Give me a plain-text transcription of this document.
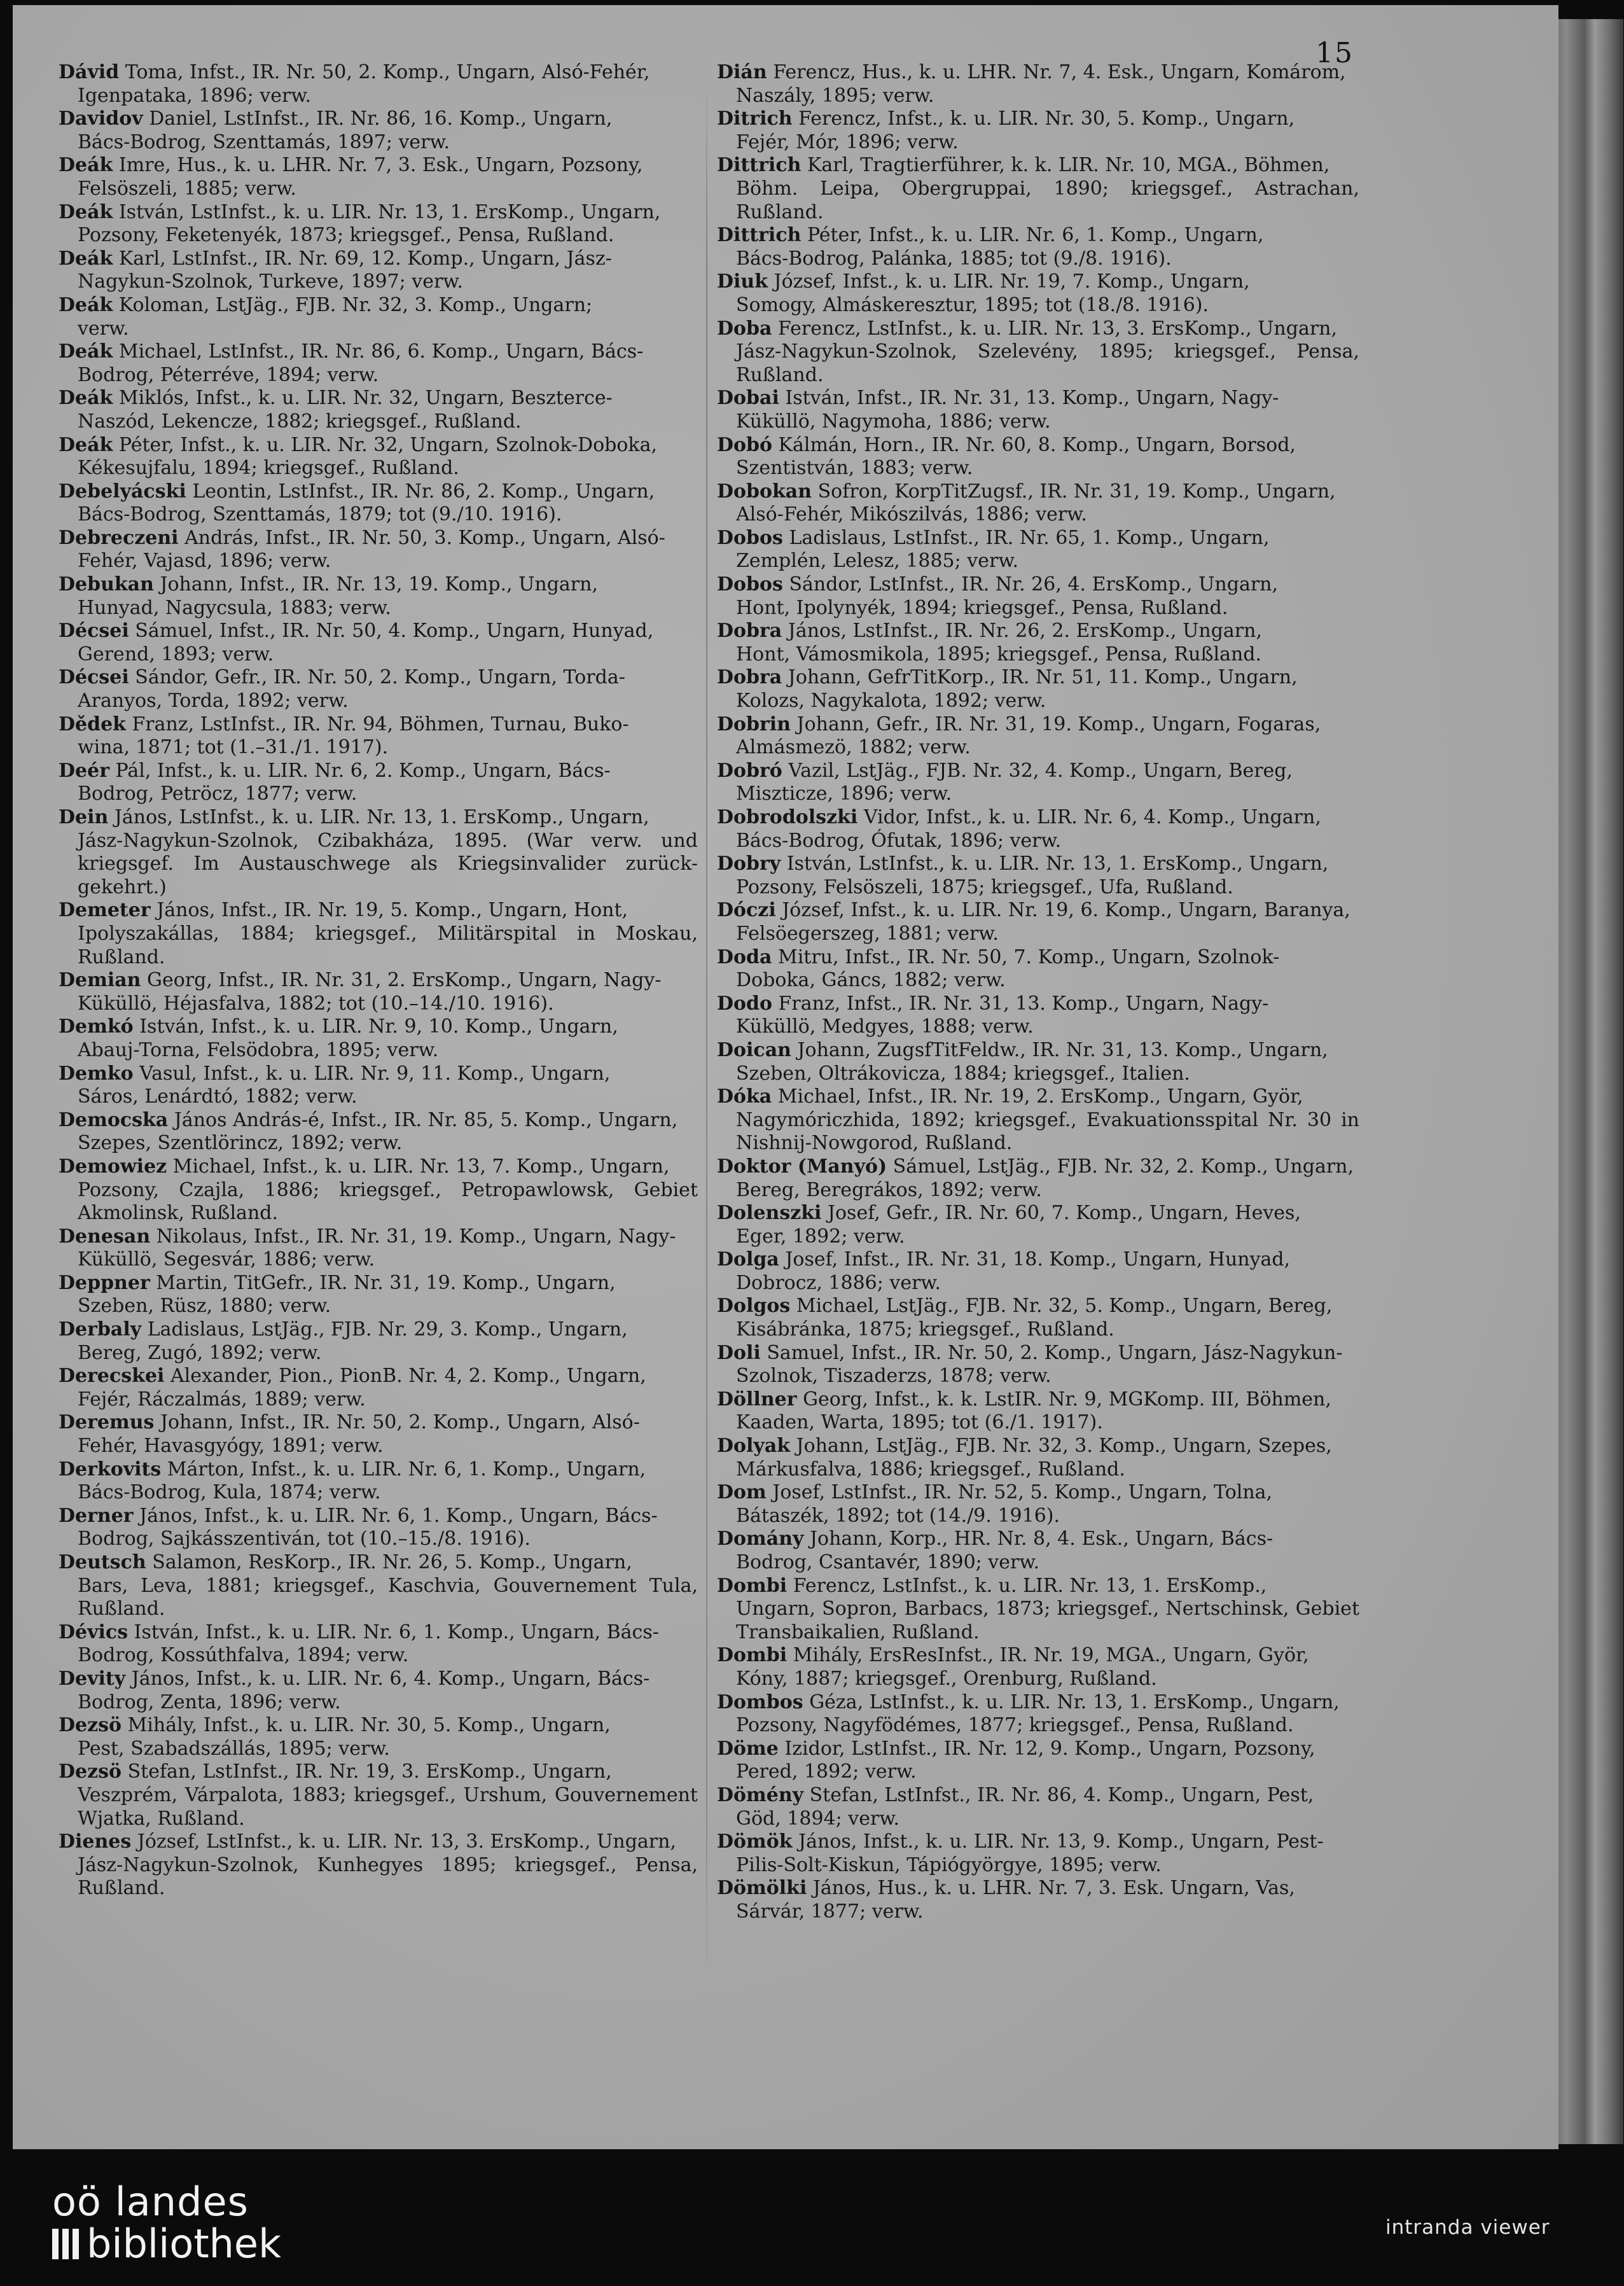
15
Dávid Toma, Infst., IR. Nr. 50, 2. Komp., Ungarn, Alsó-Fehér,
Igenpataka, 1896; verw.
Davidov Daniel, LstInfst., IR. Nr. 86, 16. Komp., Ungarn,
Bács-Bodrog, Szenttamás, 1897; verw.
Deák Imre, Hus., k. u. LHR. Nr. 7, 3. Esk., Ungarn, Pozsony,
Felsöszeli, 1885; verw.
Deák István, LstInfst., k. u. LIR. Nr. 13, 1. ErsKomp., Ungarn,
Pozsony, Feketenyék, 1873; kriegsgef., Pensa, Rußland.
Deák Karl, LstInfst., IR. Nr. 69, 12. Komp., Ungarn, Jász-
Nagykun-Szolnok, Turkeve, 1897; verw.
Deák Koloman, LstJäg., FJB. Nr. 32, 3. Komp., Ungarn;
verw.
Deák Michael, LstInfst., IR. Nr. 86, 6. Komp., Ungarn, Bács-
Bodrog, Péterréve, 1894; verw.
Deák Miklós, Infst., k. u. LIR. Nr. 32, Ungarn, Beszterce-
Naszód, Lekencze, 1882; kriegsgef., Rußland.
Deák Péter, Infst., k. u. LIR. Nr. 32, Ungarn, Szolnok-Doboka,
Kékesujfalu, 1894; kriegsgef., Rußland.
Debelyácski Leontin, LstInfst., IR. Nr. 86, 2. Komp., Ungarn,
Bács-Bodrog, Szenttamás, 1879; tot (9./10. 1916).
Debreczeni András, Infst., IR. Nr. 50, 3. Komp., Ungarn, Alsó-
Fehér, Vajasd, 1896; verw.
Debukan Johann, Infst., IR. Nr. 13, 19. Komp., Ungarn,
Hunyad, Nagycsula, 1883; verw.
Décsei Sámuel, Infst., IR. Nr. 50, 4. Komp., Ungarn, Hunyad,
Gerend, 1893; verw.
Décsei Sándor, Gefr., IR. Nr. 50, 2. Komp., Ungarn, Torda-
Aranyos, Torda, 1892; verw.
Dědek Franz, LstInfst., IR. Nr. 94, Böhmen, Turnau, Buko-
wina, 1871; tot (1.–31./1. 1917).
Deér Pál, Infst., k. u. LIR. Nr. 6, 2. Komp., Ungarn, Bács-
Bodrog, Petröcz, 1877; verw.
Dein János, LstInfst., k. u. LIR. Nr. 13, 1. ErsKomp., Ungarn,
Jász-Nagykun-Szolnok, Czibakháza, 1895. (War verw. und kriegsgef. Im Austauschwege als Kriegsinvalider zurück-gekehrt.)
Demeter János, Infst., IR. Nr. 19, 5. Komp., Ungarn, Hont,
Ipolyszakállas, 1884; kriegsgef., Militärspital in Moskau, Rußland.
Demian Georg, Infst., IR. Nr. 31, 2. ErsKomp., Ungarn, Nagy-
Küküllö, Héjasfalva, 1882; tot (10.–14./10. 1916).
Demkó István, Infst., k. u. LIR. Nr. 9, 10. Komp., Ungarn,
Abauj-Torna, Felsödobra, 1895; verw.
Demko Vasul, Infst., k. u. LIR. Nr. 9, 11. Komp., Ungarn,
Sáros, Lenárdtó, 1882; verw.
Democska János András-é, Infst., IR. Nr. 85, 5. Komp., Ungarn,
Szepes, Szentlörincz, 1892; verw.
Demowiez Michael, Infst., k. u. LIR. Nr. 13, 7. Komp., Ungarn,
Pozsony, Czajla, 1886; kriegsgef., Petropawlowsk, Gebiet Akmolinsk, Rußland.
Denesan Nikolaus, Infst., IR. Nr. 31, 19. Komp., Ungarn, Nagy-
Küküllö, Segesvár, 1886; verw.
Deppner Martin, TitGefr., IR. Nr. 31, 19. Komp., Ungarn,
Szeben, Rüsz, 1880; verw.
Derbaly Ladislaus, LstJäg., FJB. Nr. 29, 3. Komp., Ungarn,
Bereg, Zugó, 1892; verw.
Derecskei Alexander, Pion., PionB. Nr. 4, 2. Komp., Ungarn,
Fejér, Ráczalmás, 1889; verw.
Deremus Johann, Infst., IR. Nr. 50, 2. Komp., Ungarn, Alsó-
Fehér, Havasgyógy, 1891; verw.
Derkovits Márton, Infst., k. u. LIR. Nr. 6, 1. Komp., Ungarn,
Bács-Bodrog, Kula, 1874; verw.
Derner János, Infst., k. u. LIR. Nr. 6, 1. Komp., Ungarn, Bács-
Bodrog, Sajkásszentiván, tot (10.–15./8. 1916).
Deutsch Salamon, ResKorp., IR. Nr. 26, 5. Komp., Ungarn,
Bars, Leva, 1881; kriegsgef., Kaschvia, Gouvernement Tula, Rußland.
Dévics István, Infst., k. u. LIR. Nr. 6, 1. Komp., Ungarn, Bács-
Bodrog, Kossúthfalva, 1894; verw.
Devity János, Infst., k. u. LIR. Nr. 6, 4. Komp., Ungarn, Bács-
Bodrog, Zenta, 1896; verw.
Dezsö Mihály, Infst., k. u. LIR. Nr. 30, 5. Komp., Ungarn,
Pest, Szabadszállás, 1895; verw.
Dezsö Stefan, LstInfst., IR. Nr. 19, 3. ErsKomp., Ungarn,
Veszprém, Várpalota, 1883; kriegsgef., Urshum, Gouvernement Wjatka, Rußland.
Dienes József, LstInfst., k. u. LIR. Nr. 13, 3. ErsKomp., Ungarn,
Jász-Nagykun-Szolnok, Kunhegyes 1895; kriegsgef., Pensa, Rußland.
Dián Ferencz, Hus., k. u. LHR. Nr. 7, 4. Esk., Ungarn, Komárom,
Naszály, 1895; verw.
Ditrich Ferencz, Infst., k. u. LIR. Nr. 30, 5. Komp., Ungarn,
Fejér, Mór, 1896; verw.
Dittrich Karl, Tragtierführer, k. k. LIR. Nr. 10, MGA., Böhmen,
Böhm. Leipa, Obergruppai, 1890; kriegsgef., Astrachan, Rußland.
Dittrich Péter, Infst., k. u. LIR. Nr. 6, 1. Komp., Ungarn,
Bács-Bodrog, Palánka, 1885; tot (9./8. 1916).
Diuk József, Infst., k. u. LIR. Nr. 19, 7. Komp., Ungarn,
Somogy, Almáskeresztur, 1895; tot (18./8. 1916).
Doba Ferencz, LstInfst., k. u. LIR. Nr. 13, 3. ErsKomp., Ungarn,
Jász-Nagykun-Szolnok, Szelevény, 1895; kriegsgef., Pensa, Rußland.
Dobai István, Infst., IR. Nr. 31, 13. Komp., Ungarn, Nagy-
Küküllö, Nagymoha, 1886; verw.
Dobó Kálmán, Horn., IR. Nr. 60, 8. Komp., Ungarn, Borsod,
Szentistván, 1883; verw.
Dobokan Sofron, KorpTitZugsf., IR. Nr. 31, 19. Komp., Ungarn,
Alsó-Fehér, Mikószilvás, 1886; verw.
Dobos Ladislaus, LstInfst., IR. Nr. 65, 1. Komp., Ungarn,
Zemplén, Lelesz, 1885; verw.
Dobos Sándor, LstInfst., IR. Nr. 26, 4. ErsKomp., Ungarn,
Hont, Ipolynyék, 1894; kriegsgef., Pensa, Rußland.
Dobra János, LstInfst., IR. Nr. 26, 2. ErsKomp., Ungarn,
Hont, Vámosmikola, 1895; kriegsgef., Pensa, Rußland.
Dobra Johann, GefrTitKorp., IR. Nr. 51, 11. Komp., Ungarn,
Kolozs, Nagykalota, 1892; verw.
Dobrin Johann, Gefr., IR. Nr. 31, 19. Komp., Ungarn, Fogaras,
Almásmezö, 1882; verw.
Dobró Vazil, LstJäg., FJB. Nr. 32, 4. Komp., Ungarn, Bereg,
Miszticze, 1896; verw.
Dobrodolszki Vidor, Infst., k. u. LIR. Nr. 6, 4. Komp., Ungarn,
Bács-Bodrog, Ófutak, 1896; verw.
Dobry István, LstInfst., k. u. LIR. Nr. 13, 1. ErsKomp., Ungarn,
Pozsony, Felsöszeli, 1875; kriegsgef., Ufa, Rußland.
Dóczi József, Infst., k. u. LIR. Nr. 19, 6. Komp., Ungarn, Baranya,
Felsöegerszeg, 1881; verw.
Doda Mitru, Infst., IR. Nr. 50, 7. Komp., Ungarn, Szolnok-
Doboka, Gáncs, 1882; verw.
Dodo Franz, Infst., IR. Nr. 31, 13. Komp., Ungarn, Nagy-
Küküllö, Medgyes, 1888; verw.
Doican Johann, ZugsfTitFeldw., IR. Nr. 31, 13. Komp., Ungarn,
Szeben, Oltrákovicza, 1884; kriegsgef., Italien.
Dóka Michael, Infst., IR. Nr. 19, 2. ErsKomp., Ungarn, Györ,
Nagymóriczhida, 1892; kriegsgef., Evakuationsspital Nr. 30 in Nishnij-Nowgorod, Rußland.
Doktor (Manyó) Sámuel, LstJäg., FJB. Nr. 32, 2. Komp., Ungarn,
Bereg, Beregrákos, 1892; verw.
Dolenszki Josef, Gefr., IR. Nr. 60, 7. Komp., Ungarn, Heves,
Eger, 1892; verw.
Dolga Josef, Infst., IR. Nr. 31, 18. Komp., Ungarn, Hunyad,
Dobrocz, 1886; verw.
Dolgos Michael, LstJäg., FJB. Nr. 32, 5. Komp., Ungarn, Bereg,
Kisábránka, 1875; kriegsgef., Rußland.
Doli Samuel, Infst., IR. Nr. 50, 2. Komp., Ungarn, Jász-Nagykun-
Szolnok, Tiszaderzs, 1878; verw.
Döllner Georg, Infst., k. k. LstIR. Nr. 9, MGKomp. III, Böhmen,
Kaaden, Warta, 1895; tot (6./1. 1917).
Dolyak Johann, LstJäg., FJB. Nr. 32, 3. Komp., Ungarn, Szepes,
Márkusfalva, 1886; kriegsgef., Rußland.
Dom Josef, LstInfst., IR. Nr. 52, 5. Komp., Ungarn, Tolna,
Bátaszék, 1892; tot (14./9. 1916).
Domány Johann, Korp., HR. Nr. 8, 4. Esk., Ungarn, Bács-
Bodrog, Csantavér, 1890; verw.
Dombi Ferencz, LstInfst., k. u. LIR. Nr. 13, 1. ErsKomp.,
Ungarn, Sopron, Barbacs, 1873; kriegsgef., Nertschinsk, Gebiet Transbaikalien, Rußland.
Dombi Mihály, ErsResInfst., IR. Nr. 19, MGA., Ungarn, Györ,
Kóny, 1887; kriegsgef., Orenburg, Rußland.
Dombos Géza, LstInfst., k. u. LIR. Nr. 13, 1. ErsKomp., Ungarn,
Pozsony, Nagyfödémes, 1877; kriegsgef., Pensa, Rußland.
Döme Izidor, LstInfst., IR. Nr. 12, 9. Komp., Ungarn, Pozsony,
Pered, 1892; verw.
Dömény Stefan, LstInfst., IR. Nr. 86, 4. Komp., Ungarn, Pest,
Göd, 1894; verw.
Dömök János, Infst., k. u. LIR. Nr. 13, 9. Komp., Ungarn, Pest-
Pilis-Solt-Kiskun, Tápiógyörgye, 1895; verw.
Dömölki János, Hus., k. u. LHR. Nr. 7, 3. Esk. Ungarn, Vas,
Sárvár, 1877; verw.
oö landes
bibliothek	intranda viewer
